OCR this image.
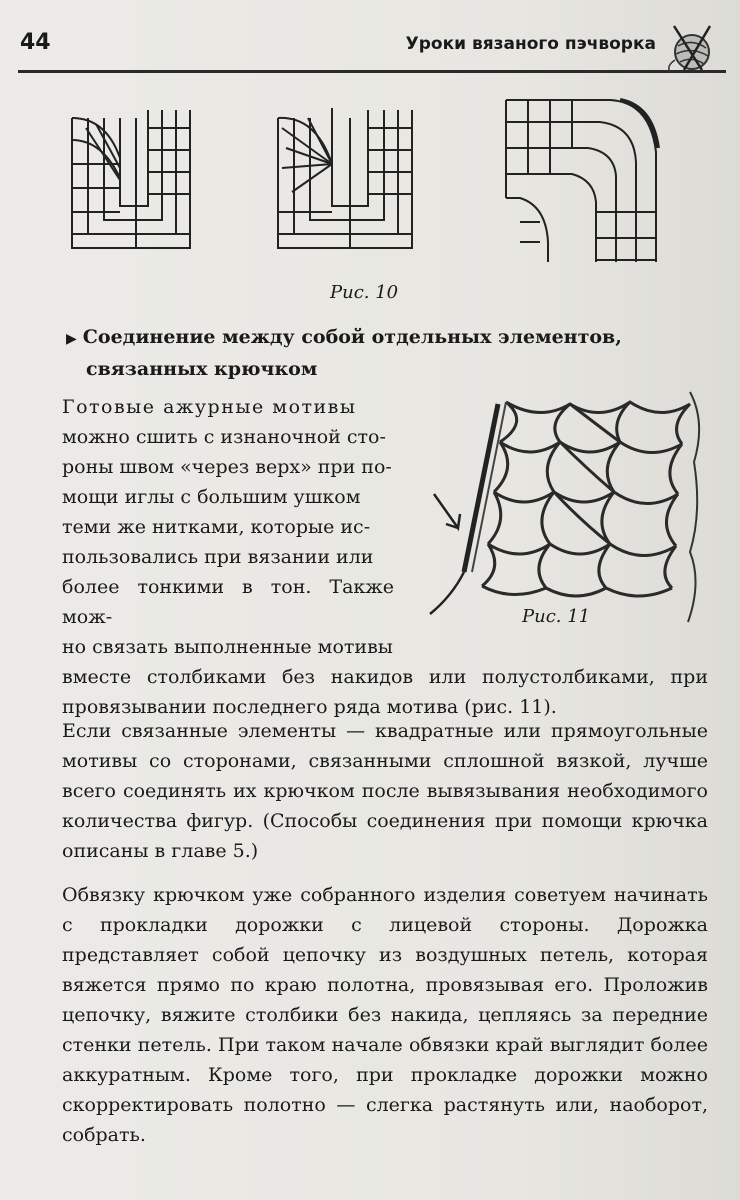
44	Уроки вязаного пэчворка
Рис. 10
▶ Соединение между собой отдельных элементов,
связанных крючком
Готовые ажурные мотивы
можно сшить с изнаночной сто-
роны швом «через верх» при по-
мощи иглы с большим ушком
теми же нитками, которые ис-
пользовались при вязании или
более тонкими в тон. Также мож-
но связать выполненные мотивы
Рис. 11
вместе столбиками без накидов или полустолбиками, при провязывании последнего ряда мотива (рис. 11).
Если связанные элементы — квадратные или прямоугольные мотивы со сторонами, связанными сплошной вязкой, лучше всего соединять их крючком после вывязывания необходимого количества фигур. (Способы соединения при помощи крючка описаны в главе 5.)
Обвязку крючком уже собранного изделия советуем начинать с прокладки дорожки с лицевой стороны. Дорожка представляет собой цепочку из воздушных петель, которая вяжется прямо по краю полотна, провязывая его. Проложив цепочку, вяжите столбики без накида, цепляясь за передние стенки петель. При таком начале обвязки край выглядит более аккуратным. Кроме того, при прокладке дорожки можно скорректировать полотно — слегка растянуть или, наоборот, собрать.
